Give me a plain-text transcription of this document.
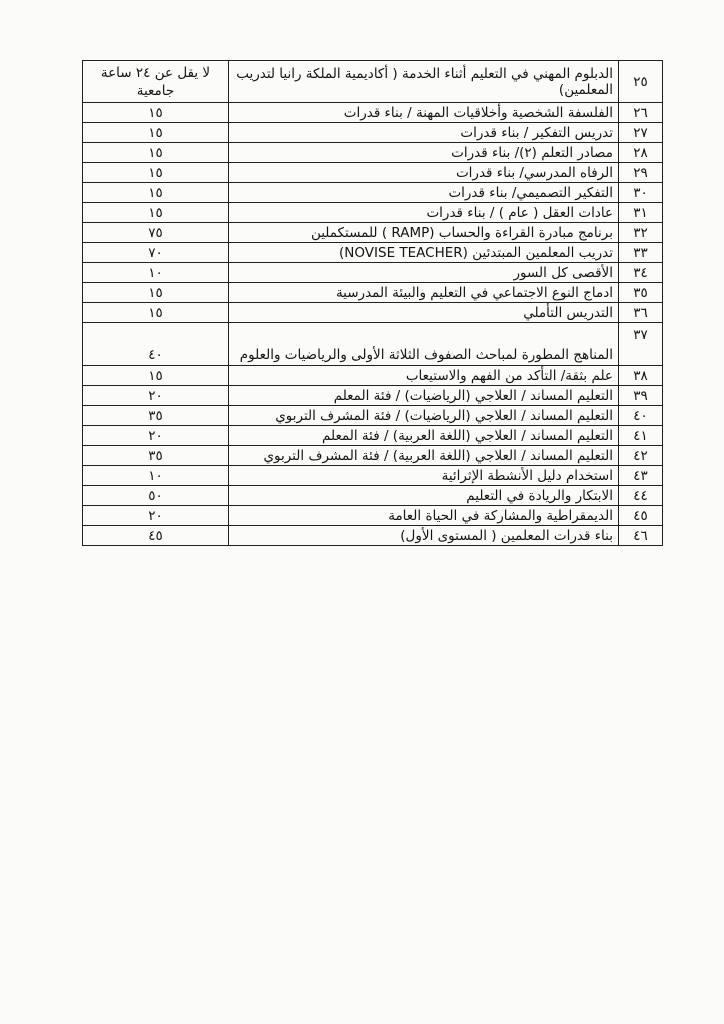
٢٥	الدبلوم المهني في التعليم أثناء الخدمة ( أكاديمية الملكة رانيا لتدريب المعلمين)	لا يقل عن ٢٤ ساعة جامعية
٢٦	الفلسفة الشخصية وأخلاقيات المهنة / بناء قدرات	١٥
٢٧	تدريس التفكير / بناء قدرات	١٥
٢٨	مصادر التعلم (٢)/ بناء قدرات	١٥
٢٩	الرفاه المدرسي/ بناء قدرات	١٥
٣٠	التفكير التصميمي/ بناء قدرات	١٥
٣١	عادات العقل ( عام ) / بناء قدرات	١٥
٣٢	برنامج مبادرة القراءة والحساب (RAMP ) للمستكملين	٧٥
٣٣	تدريب المعلمين المبتدئين (NOVISE TEACHER)	٧٠
٣٤	الأقصى كل السور	١٠
٣٥	ادماج النوع الاجتماعي في التعليم والبيئة المدرسية	١٥
٣٦	التدريس التأملي	١٥
٣٧	المناهج المطورة لمباحث الصفوف الثلاثة الأولى والرياضيات والعلوم	٤٠
٣٨	علم بثقة/ التأكد من الفهم والاستيعاب	١٥
٣٩	التعليم المساند / العلاجي (الرياضيات) / فئة المعلم	٢٠
٤٠	التعليم المساند / العلاجي (الرياضيات) / فئة المشرف التربوي	٣٥
٤١	التعليم المساند / العلاجي (اللغة العربية) / فئة المعلم	٢٠
٤٢	التعليم المساند / العلاجي (اللغة العربية) / فئة المشرف التربوي	٣٥
٤٣	استخدام دليل الأنشطة الإثرائية	١٠
٤٤	الابتكار والريادة في التعليم	٥٠
٤٥	الديمقراطية والمشاركة في الحياة العامة	٢٠
٤٦	بناء قدرات المعلمين ( المستوى الأول)	٤٥
